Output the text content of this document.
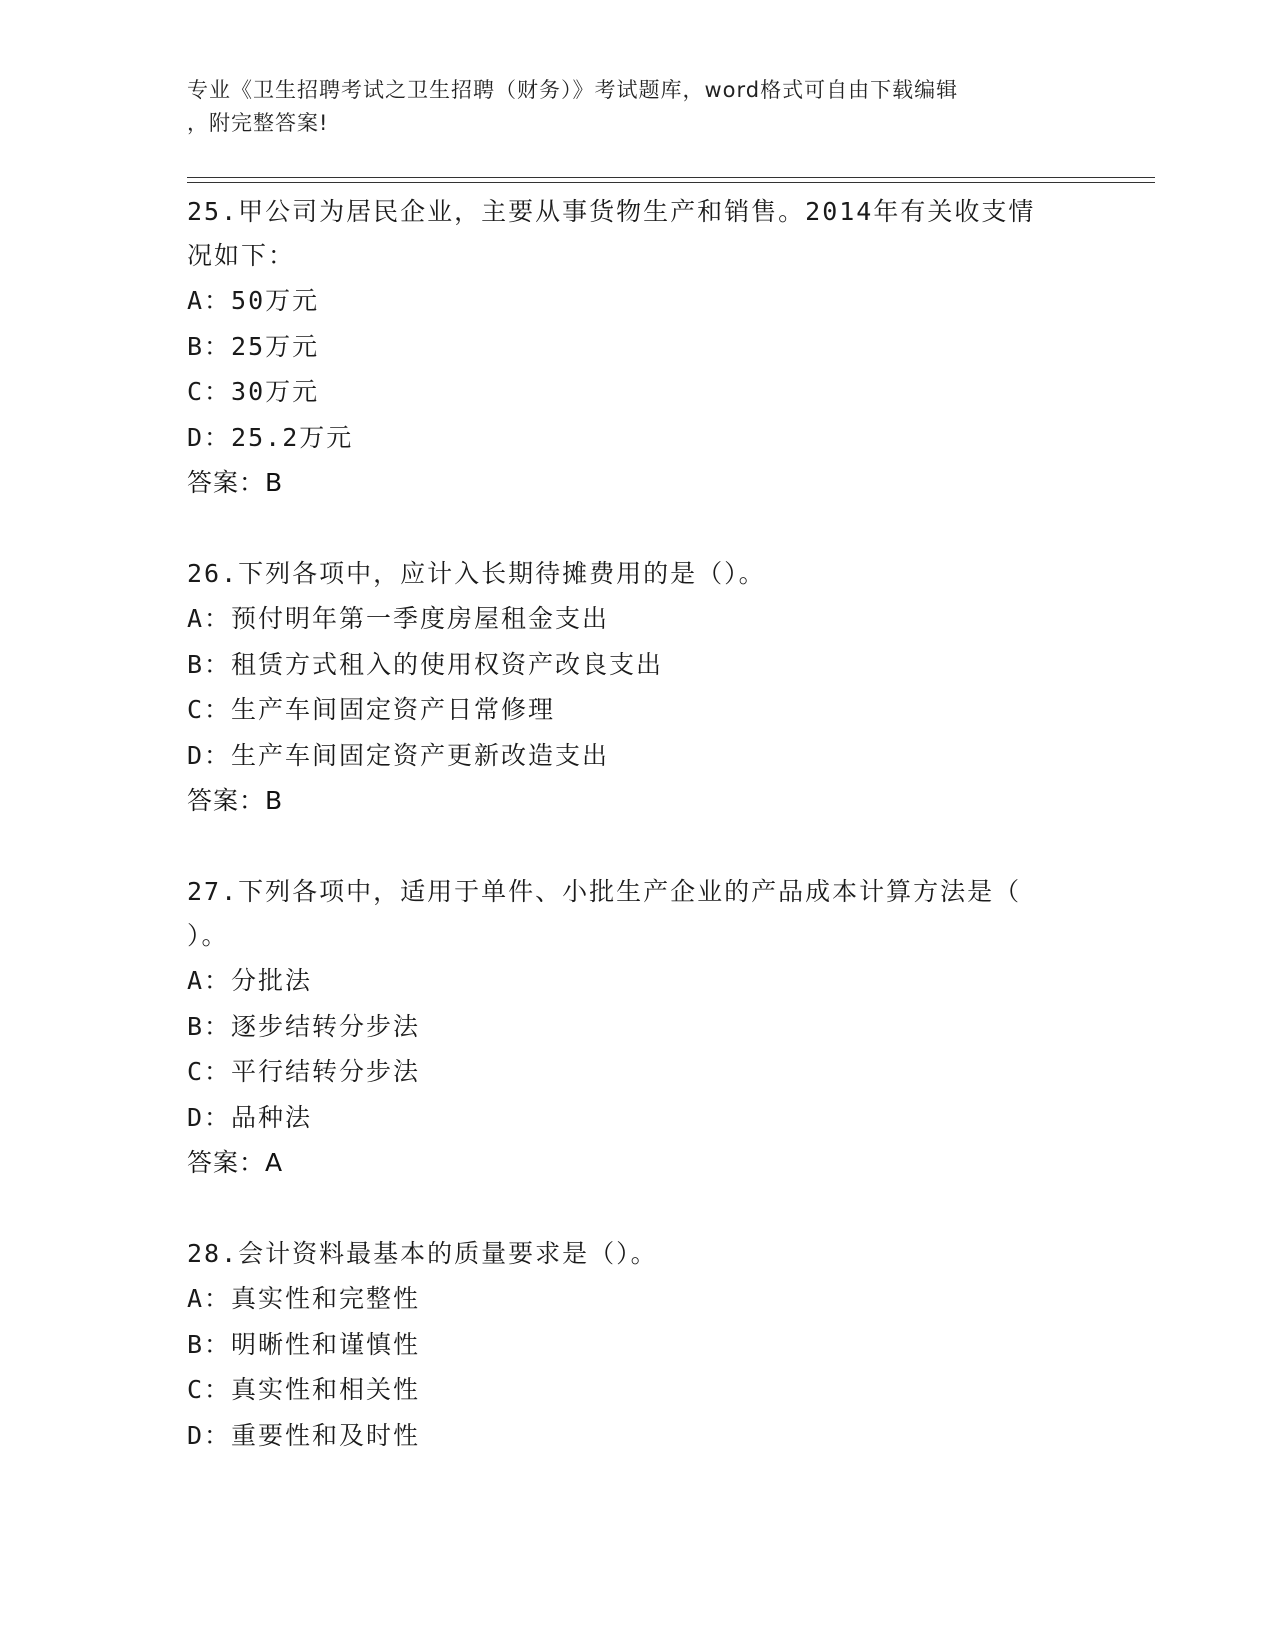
专业《卫生招聘考试之卫生招聘（财务）》考试题库，word格式可自由下载编辑
，附完整答案!
25.甲公司为居民企业，主要从事货物生产和销售。2014年有关收支情
况如下：
A：50万元
B：25万元
C：30万元
D：25.2万元
答案：B
26.下列各项中，应计入长期待摊费用的是（）。
A：预付明年第一季度房屋租金支出
B：租赁方式租入的使用权资产改良支出
C：生产车间固定资产日常修理
D：生产车间固定资产更新改造支出
答案：B
27.下列各项中，适用于单件、小批生产企业的产品成本计算方法是（
）。
A：分批法
B：逐步结转分步法
C：平行结转分步法
D：品种法
答案：A
28.会计资料最基本的质量要求是（）。
A：真实性和完整性
B：明晰性和谨慎性
C：真实性和相关性
D：重要性和及时性
